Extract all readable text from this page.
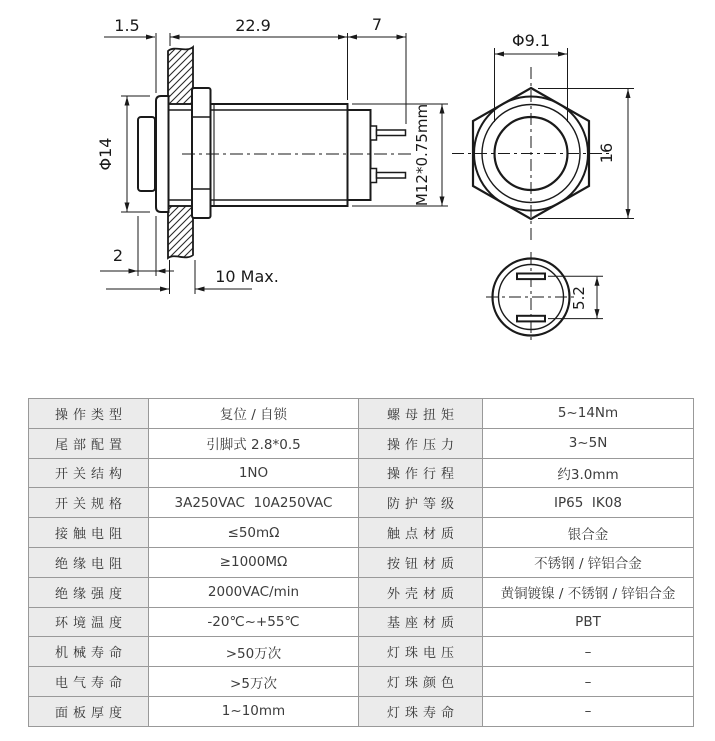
1.5	22.9	7
Φ14	M12*0.75mm
2
10 Max.
Φ9.1
16
5.2
操作类型	复位 / 自锁	螺母扭矩	5~14Nm
尾部配置	引脚式 2.8*0.5	操作压力	3~5N
开关结构	1NO	操作行程	约3.0mm
开关规格	3A250VAC  10A250VAC	防护等级	IP65  IK08
接触电阻	≤50mΩ	触点材质	银合金
绝缘电阻	≥1000MΩ	按钮材质	不锈钢 / 锌铝合金
绝缘强度	2000VAC/min	外壳材质	黄铜镀镍 / 不锈钢 / 锌铝合金
环境温度	-20℃~+55℃	基座材质	PBT
机械寿命	>50万次	灯珠电压	–
电气寿命	>5万次	灯珠颜色	–
面板厚度	1~10mm	灯珠寿命	–
